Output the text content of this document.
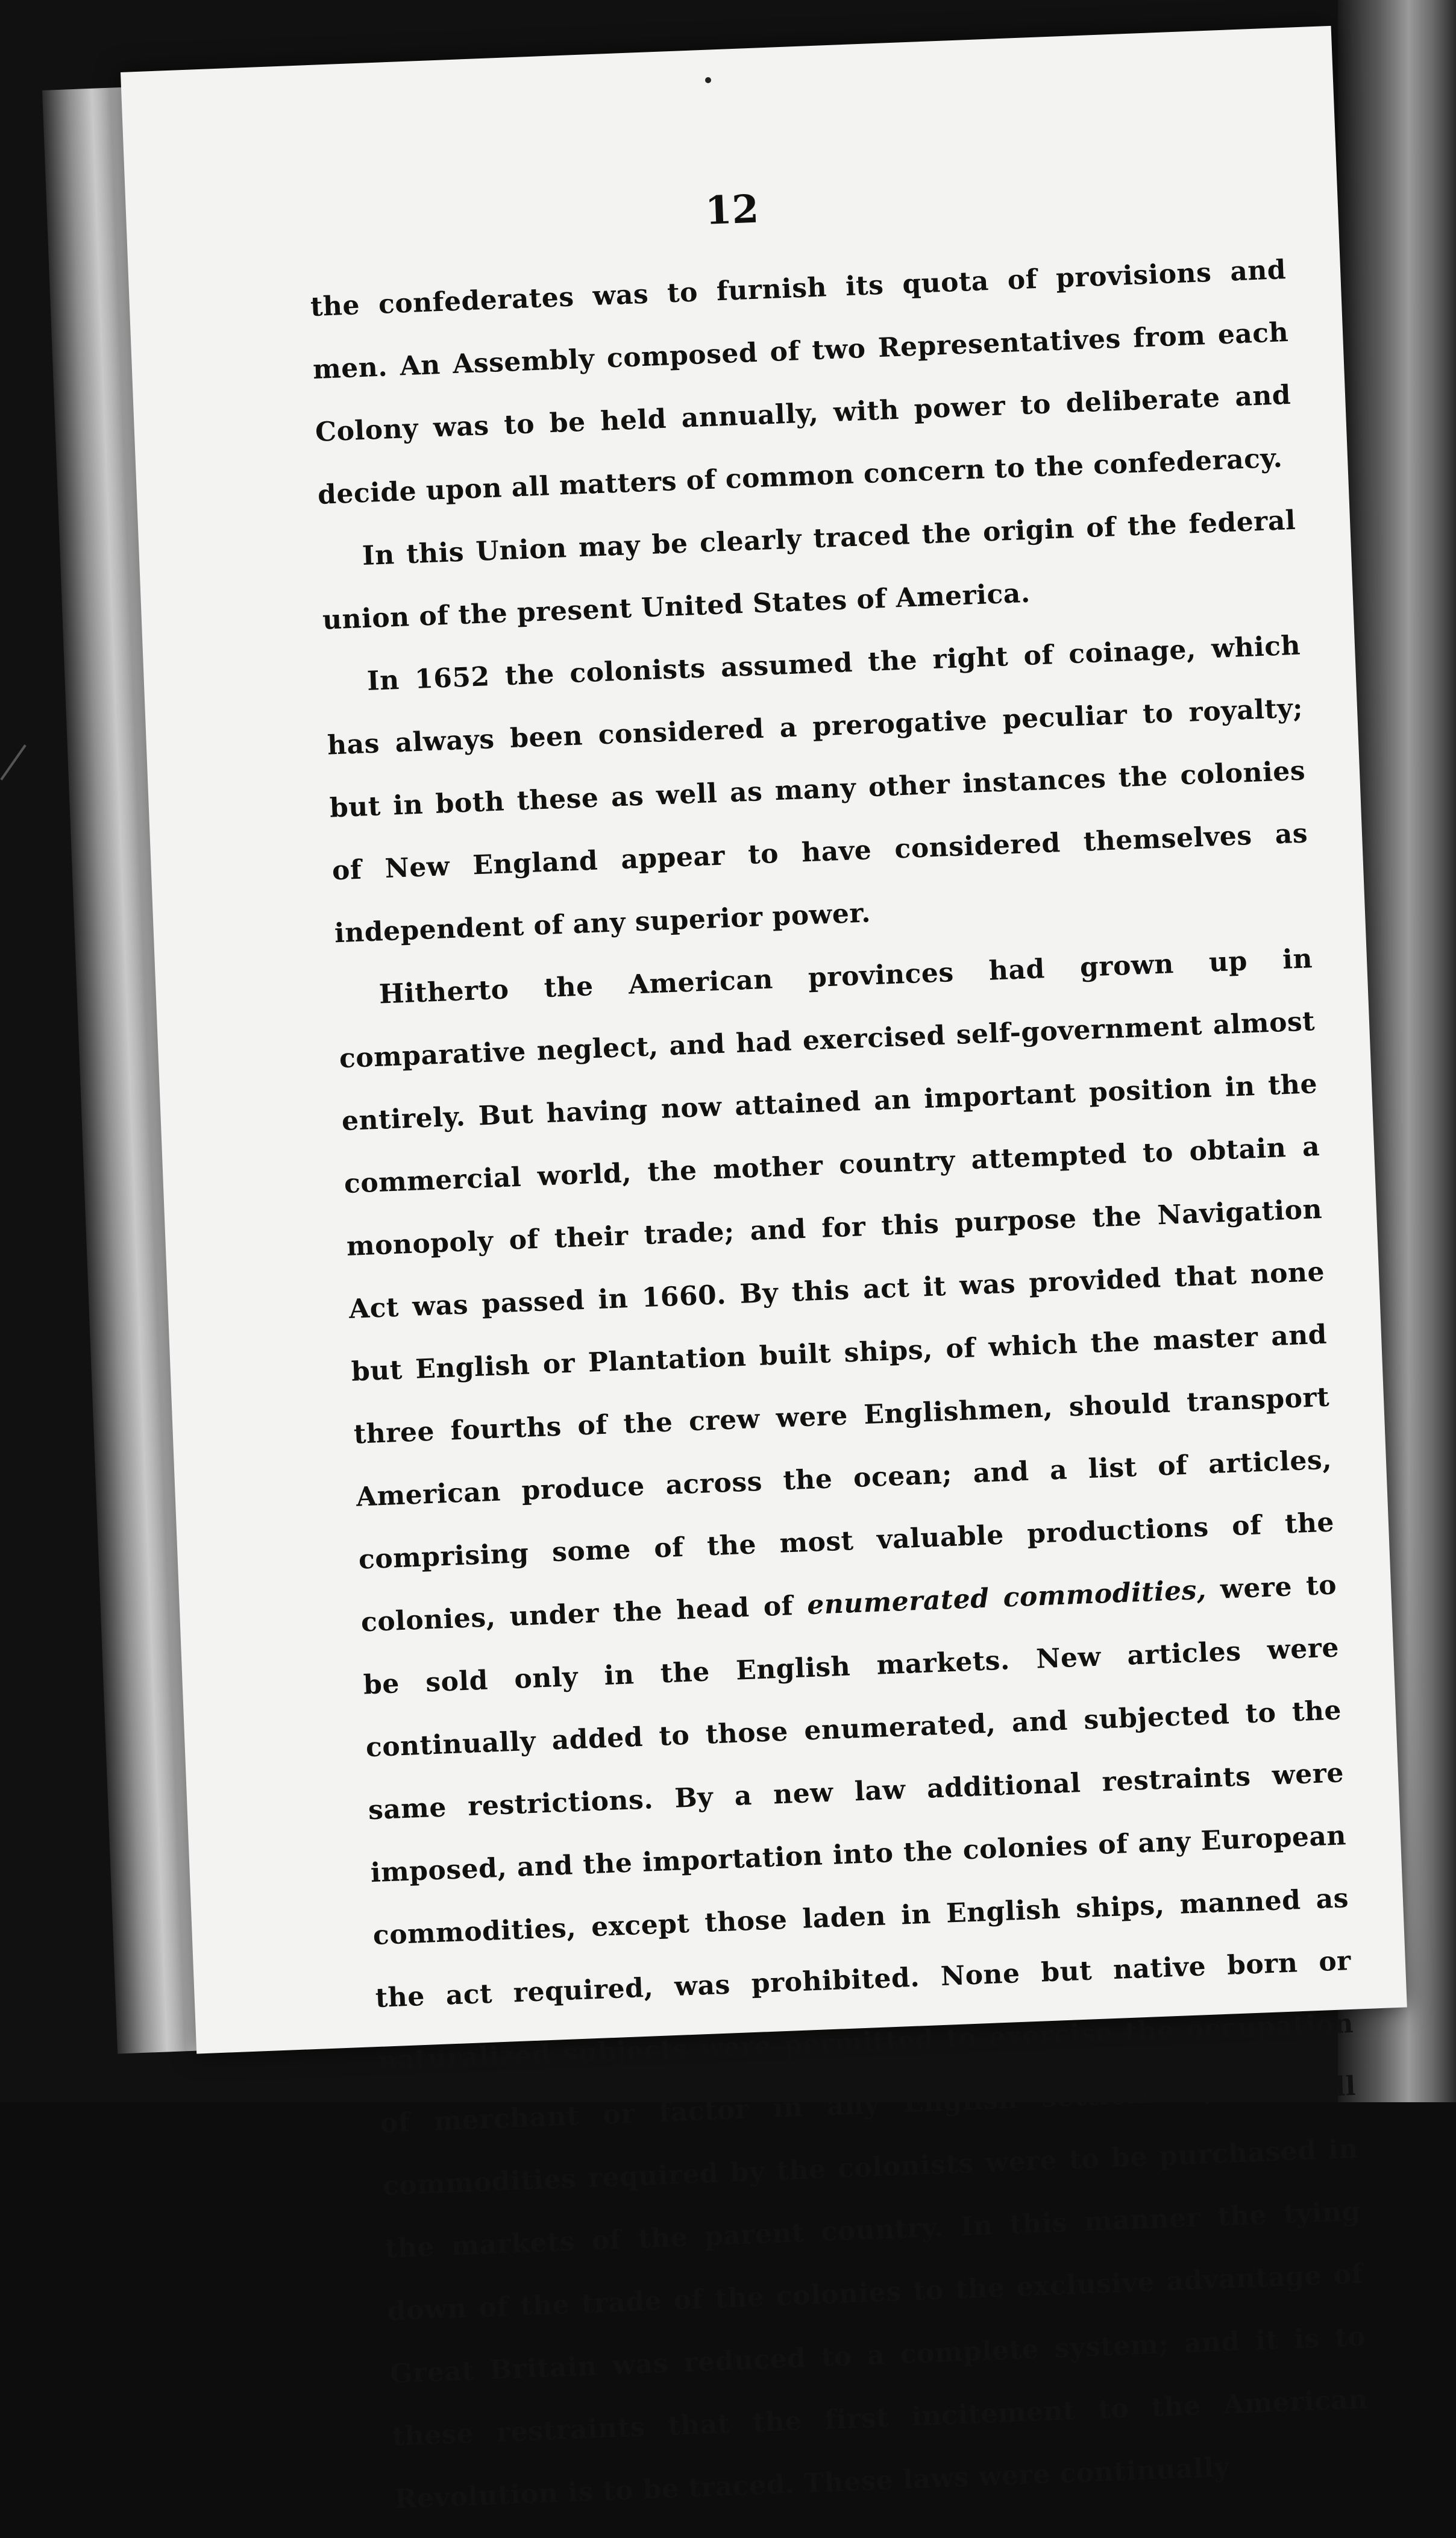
12

the confederates was to furnish its quota of provisions and men. An Assembly composed of two Representatives from each Colony was to be held annually, with power to deliberate and decide upon all matters of common concern to the confederacy.

In this Union may be clearly traced the origin of the federal union of the present United States of America.

In 1652 the colonists assumed the right of coinage, which has always been considered a prerogative peculiar to royalty; but in both these as well as many other instances the colonies of New England appear to have considered themselves as independent of any superior power.

Hitherto the American provinces had grown up in comparative neglect, and had exercised self-government almost entirely. But having now attained an important position in the commercial world, the mother country attempted to obtain a monopoly of their trade; and for this purpose the Navigation Act was passed in 1660. By this act it was provided that none but English or Plantation built ships, of which the master and three fourths of the crew were Englishmen, should transport American produce across the ocean; and a list of articles, comprising some of the most valuable productions of the colonies, under the head of enumerated commodities, were to be sold only in the English markets. New articles were continually added to those enumerated, and subjected to the same restrictions. By a new law additional restraints were imposed, and the importation into the colonies of any European commodities, except those laden in English ships, manned as the act required, was prohibited. None but native born or naturalized subjects were permitted to exercise the occupation of merchant or factor in any English settlement; and all commodities required by the colonists were to be purchased in the markets of the parent country. In this manner the tying down of the trade of the colonies to the exclusive advantage of Great Britain was reduced to a complete system; and it is to these restraints that the first incitement to the American Revolution is to be traced. These laws were continually
